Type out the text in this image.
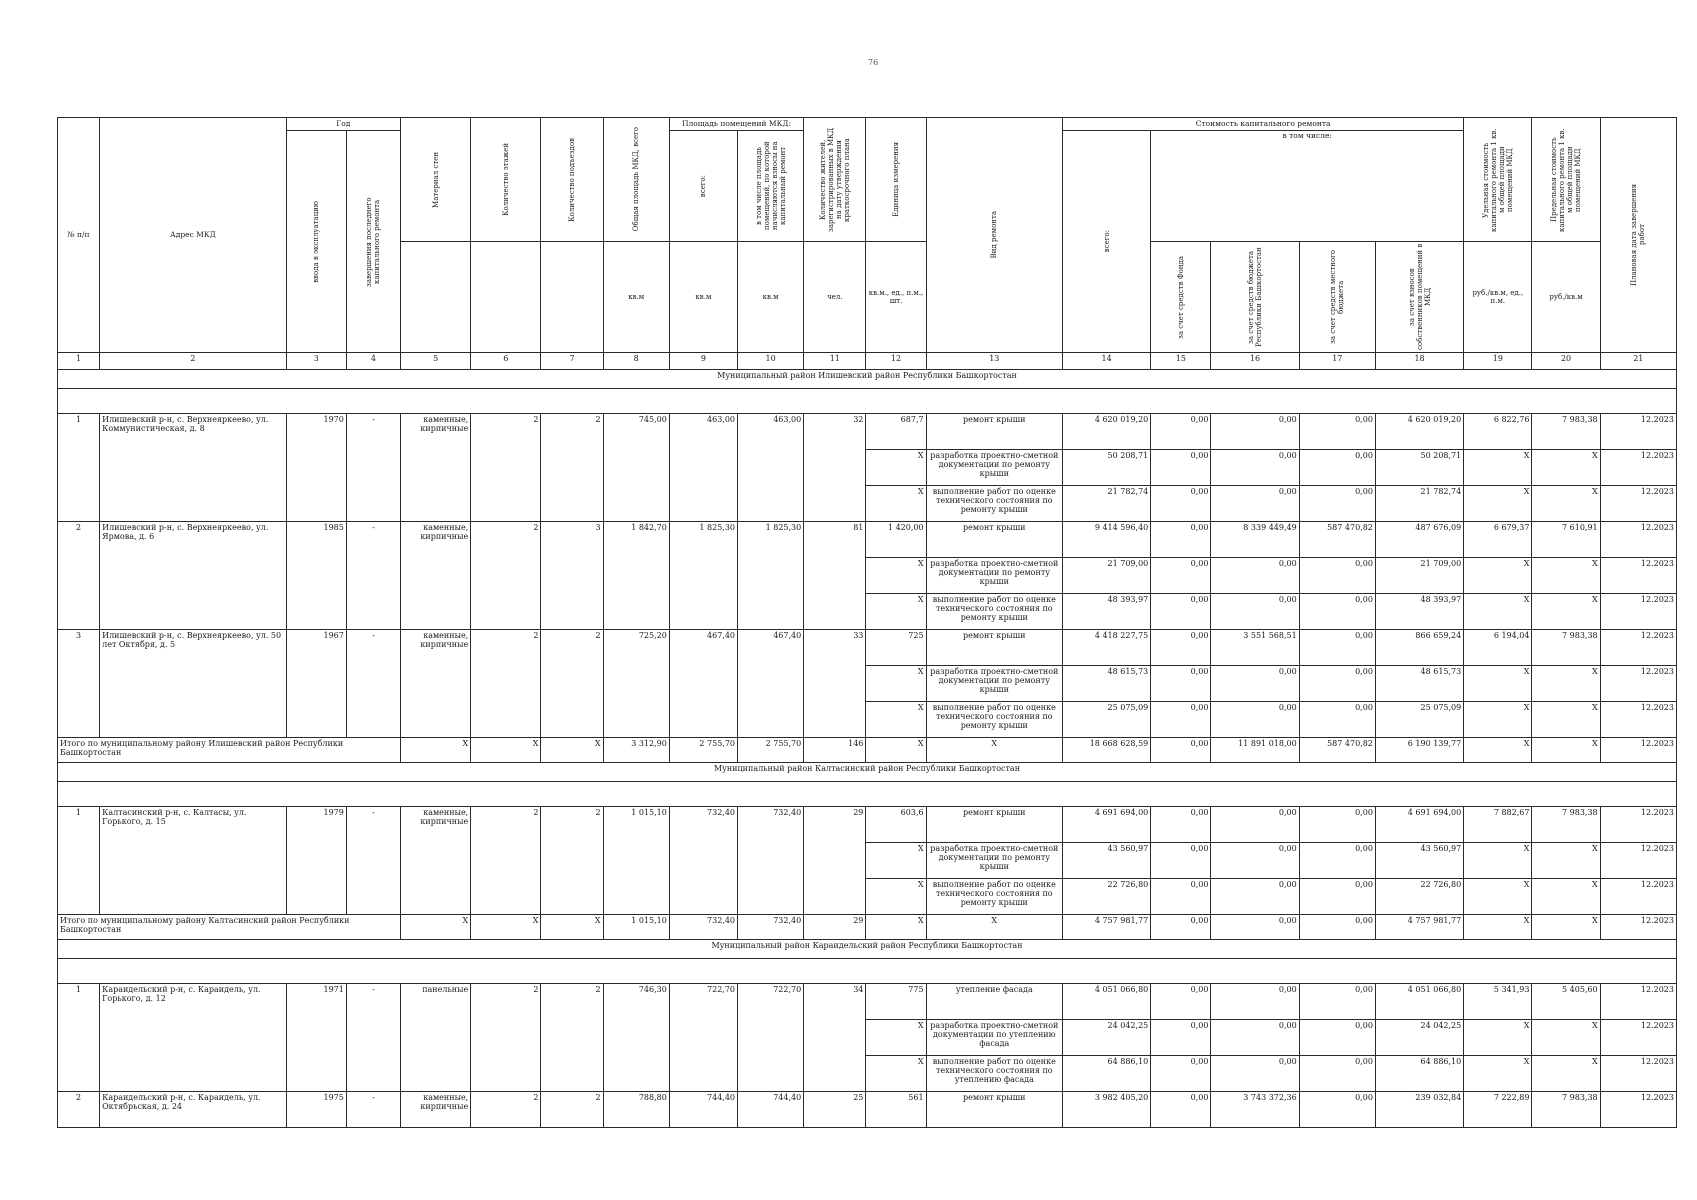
76
№ п/п	Адрес МКД	Год		Материал стен	Количество этажей	Количество подъездов	Общая площадь МКД, всего	Площадь помещений МКД:		Количество жителей, зарегистрированных в МКД на дату утверждения краткосрочного плана	Единица измерения	Вид ремонта	Стоимость капитального ремонта					Удельная стоимость капитального ремонта 1 кв. м общей площади помещений МКД	Предельная стоимость капитального ремонта 1 кв. м общей площади помещений МКД	Плановая дата завершения работ

		ввода в эксплуатацию	завершения последнего капитального ремонта					всего:	в том числе площадь помещений, по которой начисляются взносы на капитальный ремонт				всего:	в том числе:						
							кв.м	кв.м	кв.м	чел.	кв.м., ед., п.м., шт.			за счет средств Фонда	за счет средств бюджета Республики Башкортостан	за счет средств местного бюджета	за счет взносов собственников помещений в МКД	руб./кв.м, ед., п.м.	руб./кв.м	
1	2	3	4	5	6	7	8	9	10	11	12	13	14	15	16	17	18	19	20	21
Муниципальный район Илишевский район Республики Башкортостан																				

1	Илишевский р-н, с. Верхнеяркеево, ул. Коммунистическая, д. 8	1970	-	каменные, кирпичные	2	2	745,00	463,00	463,00	32	687,7	ремонт крыши	4 620 019,20	0,00	0,00	0,00	4 620 019,20	6 822,76	7 983,38	12.2023
											X	разработка проектно-сметной документации по ремонту крыши	50 208,71	0,00	0,00	0,00	50 208,71	X	X	12.2023
											X	выполнение работ по оценке технического состояния по ремонту крыши	21 782,74	0,00	0,00	0,00	21 782,74	X	X	12.2023
2	Илишевский р-н, с. Верхнеяркеево, ул. Ярмова, д. 6	1985	-	каменные, кирпичные	2	3	1 842,70	1 825,30	1 825,30	81	1 420,00	ремонт крыши	9 414 596,40	0,00	8 339 449,49	587 470,82	487 676,09	6 679,37	7 610,91	12.2023
											X	разработка проектно-сметной документации по ремонту крыши	21 709,00	0,00	0,00	0,00	21 709,00	X	X	12.2023
											X	выполнение работ по оценке технического состояния по ремонту крыши	48 393,97	0,00	0,00	0,00	48 393,97	X	X	12.2023
3	Илишевский р-н, с. Верхнеяркеево, ул. 50 лет Октября, д. 5	1967	-	каменные, кирпичные	2	2	725,20	467,40	467,40	33	725	ремонт крыши	4 418 227,75	0,00	3 551 568,51	0,00	866 659,24	6 194,04	7 983,38	12.2023
											X	разработка проектно-сметной документации по ремонту крыши	48 615,73	0,00	0,00	0,00	48 615,73	X	X	12.2023
											X	выполнение работ по оценке технического состояния по ремонту крыши	25 075,09	0,00	0,00	0,00	25 075,09	X	X	12.2023
Итого по муниципальному району Илишевский район Республики Башкортостан				X	X	X	3 312,90	2 755,70	2 755,70	146	X	X	18 668 628,59	0,00	11 891 018,00	587 470,82	6 190 139,77	X	X	12.2023
Муниципальный район Калтасинский район Республики Башкортостан																				

1	Калтасинский р-н, с. Калтасы, ул. Горького, д. 15	1979	-	каменные, кирпичные	2	2	1 015,10	732,40	732,40	29	603,6	ремонт крыши	4 691 694,00	0,00	0,00	0,00	4 691 694,00	7 882,67	7 983,38	12.2023
											X	разработка проектно-сметной документации по ремонту крыши	43 560,97	0,00	0,00	0,00	43 560,97	X	X	12.2023
											X	выполнение работ по оценке технического состояния по ремонту крыши	22 726,80	0,00	0,00	0,00	22 726,80	X	X	12.2023
Итого по муниципальному району Калтасинский район Республики Башкортостан				X	X	X	1 015,10	732,40	732,40	29	X	X	4 757 981,77	0,00	0,00	0,00	4 757 981,77	X	X	12.2023
Муниципальный район Караидельский район Республики Башкортостан																				

1	Караидельский р-н, с. Караидель, ул. Горького, д. 12	1971	-	панельные	2	2	746,30	722,70	722,70	34	775	утепление фасада	4 051 066,80	0,00	0,00	0,00	4 051 066,80	5 341,93	5 405,60	12.2023
											X	разработка проектно-сметной документации по утеплению фасада	24 042,25	0,00	0,00	0,00	24 042,25	X	X	12.2023
											X	выполнение работ по оценке технического состояния по утеплению фасада	64 886,10	0,00	0,00	0,00	64 886,10	X	X	12.2023
2	Караидельский р-н, с. Караидель, ул. Октябрьская, д. 24	1975	-	каменные, кирпичные	2	2	788,80	744,40	744,40	25	561	ремонт крыши	3 982 405,20	0,00	3 743 372,36	0,00	239 032,84	7 222,89	7 983,38	12.2023
